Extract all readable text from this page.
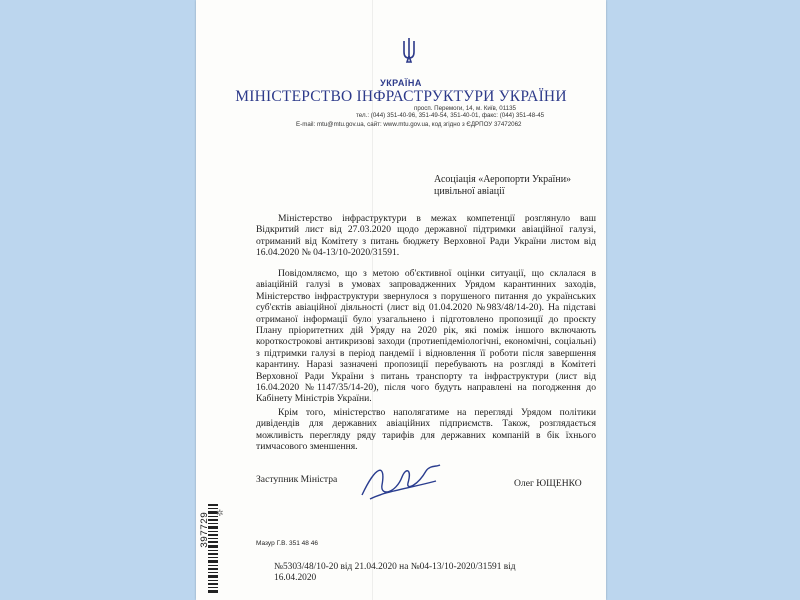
УКРАЇНА
МІНІСТЕРСТВО ІНФРАСТРУКТУРИ УКРАЇНИ
просп. Перемоги, 14, м. Київ, 01135
тел.: (044) 351-40-96, 351-49-54, 351-40-01, факс: (044) 351-48-45
E-mail: mtu@mtu.gov.ua, сайт: www.mtu.gov.ua, код згідно з ЄДРПОУ 37472062
Асоціація «Аеропорти України»
цивільної авіації
Міністерство інфраструктури в межах компетенції розглянуло ваш Відкритий лист від 27.03.2020 щодо державної підтримки авіаційної галузі, отриманий від Комітету з питань бюджету Верховної Ради України листом від 16.04.2020 № 04-13/10-2020/31591.
Повідомляємо, що з метою об'єктивної оцінки ситуації, що склалася в авіаційній галузі в умовах запровадженних Урядом карантинних заходів, Міністерство інфраструктури звернулося з порушеного питання до українських суб'єктів авіаційної діяльності (лист від 01.04.2020 №983/48/14-20). На підставі отриманої інформації було узагальнено і підготовлено пропозиції до проєкту Плану пріоритетних дій Уряду на 2020 рік, які поміж іншого включають короткострокові антикризові заходи (протиепідеміологічні, економічні, соціальні) з підтримки галузі в період пандемії і відновлення її роботи після завершення карантину. Наразі зазначені пропозиції перебувають на розгляді в Комітеті Верховної Ради України з питань транспорту та інфраструктури (лист від 16.04.2020 №1147/35/14-20), після чого будуть направлені на погодження до Кабінету Міністрів України.
Крім того, міністерство наполягатиме на перегляді Урядом політики дивідендів для державних авіаційних підприємств. Також, розглядається можливість перегляду ряду тарифів для державних компаній в бік їхнього тимчасового зменшення.
Заступник Міністра	Олег ЮЩЕНКО
397729 ✲
Мазур Г.В. 351 48 46
№5303/48/10-20 від 21.04.2020 на №04-13/10-2020/31591 від 16.04.2020
